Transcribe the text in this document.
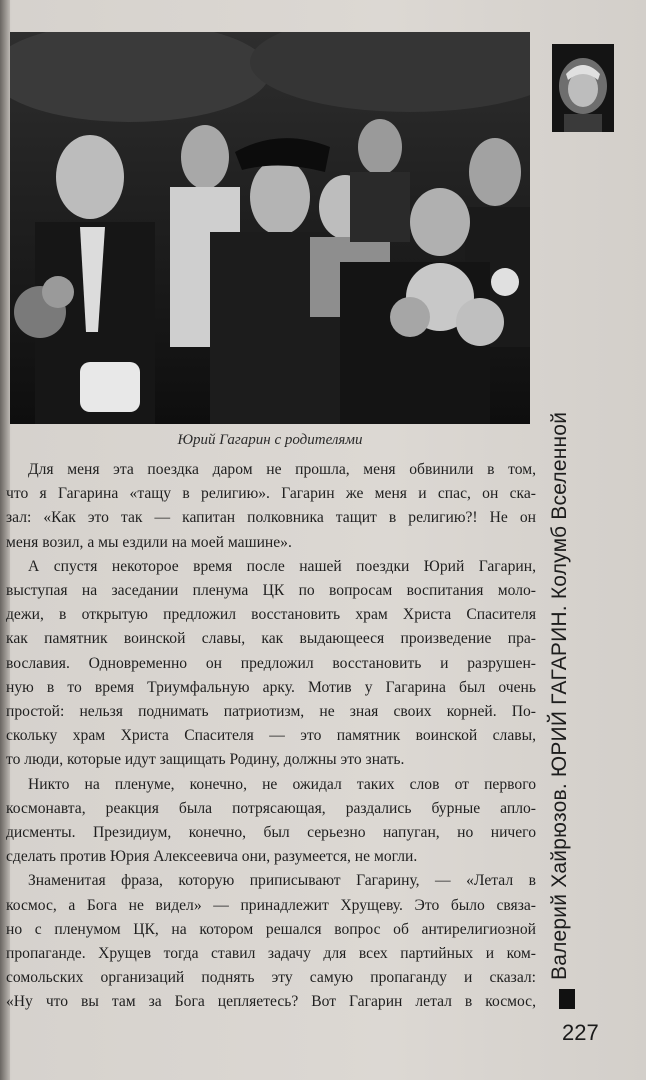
Юрий Гагарин с родителями

Для меня эта поездка даром не прошла, меня обвинили в том,
что я Гагарина «тащу в религию». Гагарин же меня и спас, он ска-
зал: «Как это так — капитан полковника тащит в религию?! Не он
меня возил, а мы ездили на моей машине».

А спустя некоторое время после нашей поездки Юрий Гагарин,
выступая на заседании пленума ЦК по вопросам воспитания моло-
дежи, в открытую предложил восстановить храм Христа Спасителя
как памятник воинской славы, как выдающееся произведение пра-
вославия. Одновременно он предложил восстановить и разрушен-
ную в то время Триумфальную арку. Мотив у Гагарина был очень
простой: нельзя поднимать патриотизм, не зная своих корней. По-
скольку храм Христа Спасителя — это памятник воинской славы,
то люди, которые идут защищать Родину, должны это знать.

Никто на пленуме, конечно, не ожидал таких слов от первого
космонавта, реакция была потрясающая, раздались бурные апло-
дисменты. Президиум, конечно, был серьезно напуган, но ничего
сделать против Юрия Алексеевича они, разумеется, не могли.

Знаменитая фраза, которую приписывают Гагарину, — «Летал в
космос, а Бога не видел» — принадлежит Хрущеву. Это было связа-
но с пленумом ЦК, на котором решался вопрос об антирелигиозной
пропаганде. Хрущев тогда ставил задачу для всех партийных и ком-
сомольских организаций поднять эту самую пропаганду и сказал:
«Ну что вы там за Бога цепляетесь? Вот Гагарин летал в космос,

Валерий Хайрюзов. ЮРИЙ ГАГАРИН. Колумб Вселенной
227
